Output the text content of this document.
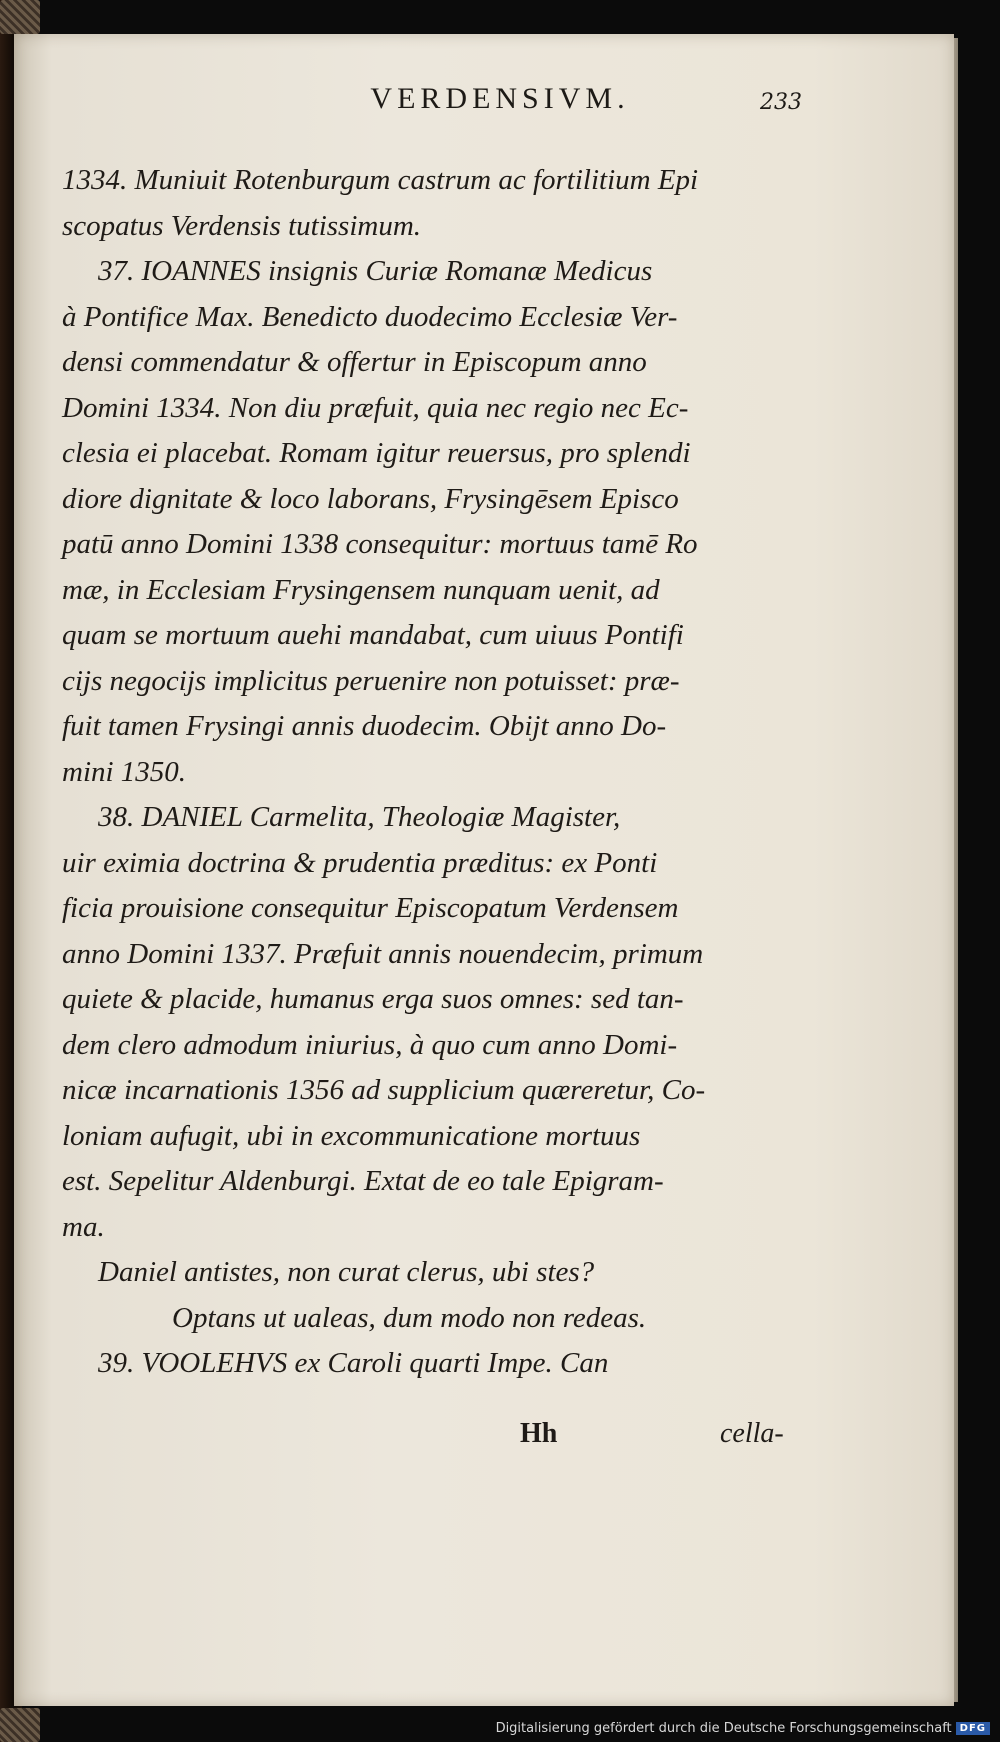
VERDENSIVM.	233
1334. Muniuit Rotenburgum castrum ac fortilitium Epi
scopatus Verdensis tutissimum.
37. IOANNES insignis Curiæ Romanæ Medicus
à Pontifice Max. Benedicto duodecimo Ecclesiæ Ver-
densi commendatur & offertur in Episcopum anno
Domini 1334. Non diu præfuit, quia nec regio nec Ec-
clesia ei placebat. Romam igitur reuersus, pro splendi
diore dignitate & loco laborans, Frysingēsem Episco
patū anno Domini 1338 consequitur: mortuus tamē Ro
mæ, in Ecclesiam Frysingensem nunquam uenit, ad
quam se mortuum auehi mandabat, cum uiuus Pontifi
cijs negocijs implicitus peruenire non potuisset: præ-
fuit tamen Frysingi annis duodecim. Obijt anno Do-
mini 1350.
38. DANIEL Carmelita, Theologiæ Magister,
uir eximia doctrina & prudentia præditus: ex Ponti
ficia prouisione consequitur Episcopatum Verdensem
anno Domini 1337. Præfuit annis nouendecim, primum
quiete & placide, humanus erga suos omnes: sed tan-
dem clero admodum iniurius, à quo cum anno Domi-
nicæ incarnationis 1356 ad supplicium quæreretur, Co-
loniam aufugit, ubi in excommunicatione mortuus
est. Sepelitur Aldenburgi. Extat de eo tale Epigram-
ma.
Daniel antistes, non curat clerus, ubi stes?
Optans ut ualeas, dum modo non redeas.
39. VOOLEHVS ex Caroli quarti Impe. Can
Hh	cella-
Digitalisierung gefördert durch die Deutsche Forschungsgemeinschaft DFG
